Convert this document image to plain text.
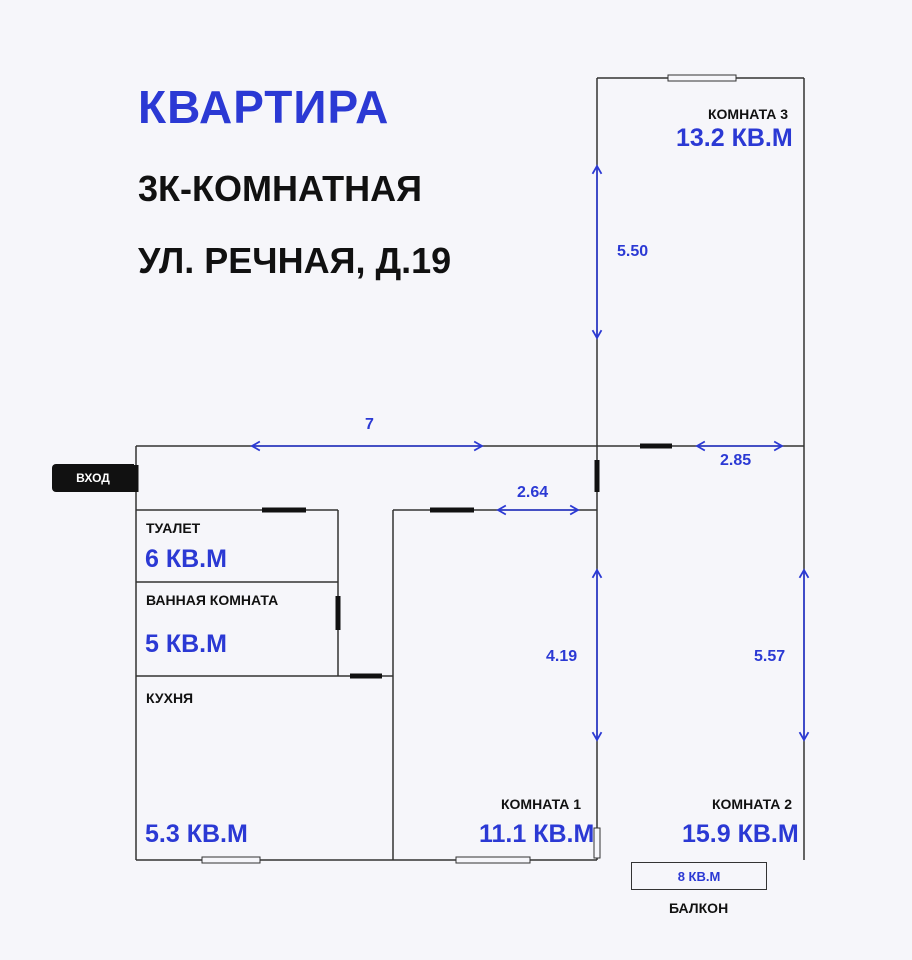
КВАРТИРА
3К-КОМНАТНАЯ
УЛ. РЕЧНАЯ, Д.19
ВХОД
КОМНАТА 3
13.2 КВ.М
ТУАЛЕТ
6 КВ.М
ВАННАЯ КОМНАТА
5 КВ.М
КУХНЯ
5.3 КВ.М
КОМНАТА 1
11.1 КВ.М
КОМНАТА 2
15.9 КВ.М
8 КВ.М
БАЛКОН
7
5.50
2.85
2.64
4.19	5.57
